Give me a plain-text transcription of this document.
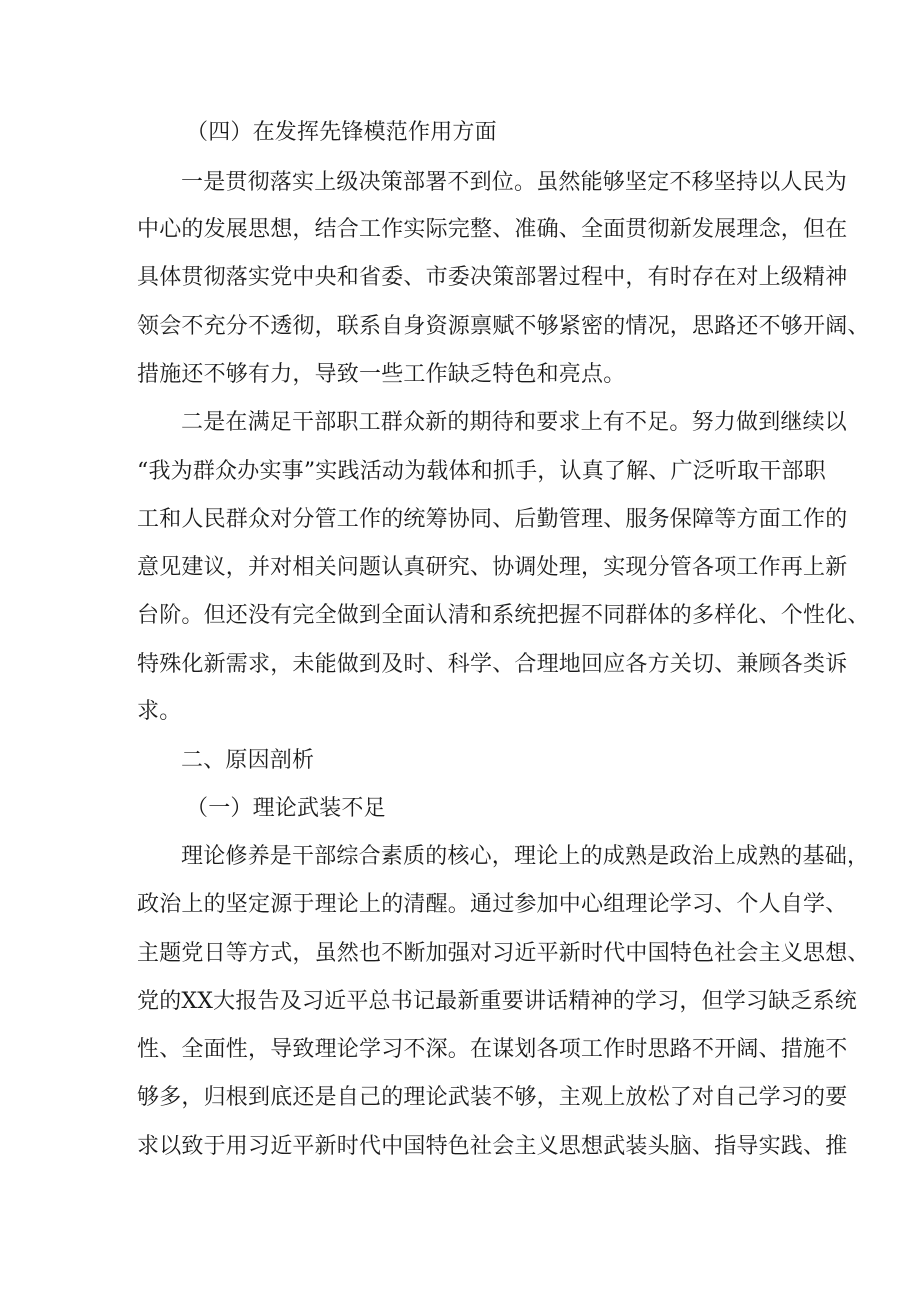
（四）在发挥先锋模范作用方面
一是贯彻落实上级决策部署不到位。虽然能够坚定不移坚持以人民为
中心的发展思想，结合工作实际完整、准确、全面贯彻新发展理念，但在
具体贯彻落实党中央和省委、市委决策部署过程中，有时存在对上级精神
领会不充分不透彻，联系自身资源禀赋不够紧密的情况，思路还不够开阔、
措施还不够有力，导致一些工作缺乏特色和亮点。
二是在满足干部职工群众新的期待和要求上有不足。努力做到继续以
“我为群众办实事”实践活动为载体和抓手，认真了解、广泛听取干部职
工和人民群众对分管工作的统筹协同、后勤管理、服务保障等方面工作的
意见建议，并对相关问题认真研究、协调处理，实现分管各项工作再上新
台阶。但还没有完全做到全面认清和系统把握不同群体的多样化、个性化、
特殊化新需求，未能做到及时、科学、合理地回应各方关切、兼顾各类诉
求。
二、原因剖析
（一）理论武装不足
理论修养是干部综合素质的核心，理论上的成熟是政治上成熟的基础，
政治上的坚定源于理论上的清醒。通过参加中心组理论学习、个人自学、
主题党日等方式，虽然也不断加强对习近平新时代中国特色社会主义思想、
党的XX大报告及习近平总书记最新重要讲话精神的学习，但学习缺乏系统
性、全面性，导致理论学习不深。在谋划各项工作时思路不开阔、措施不
够多，归根到底还是自己的理论武装不够，主观上放松了对自己学习的要
求以致于用习近平新时代中国特色社会主义思想武装头脑、指导实践、推
